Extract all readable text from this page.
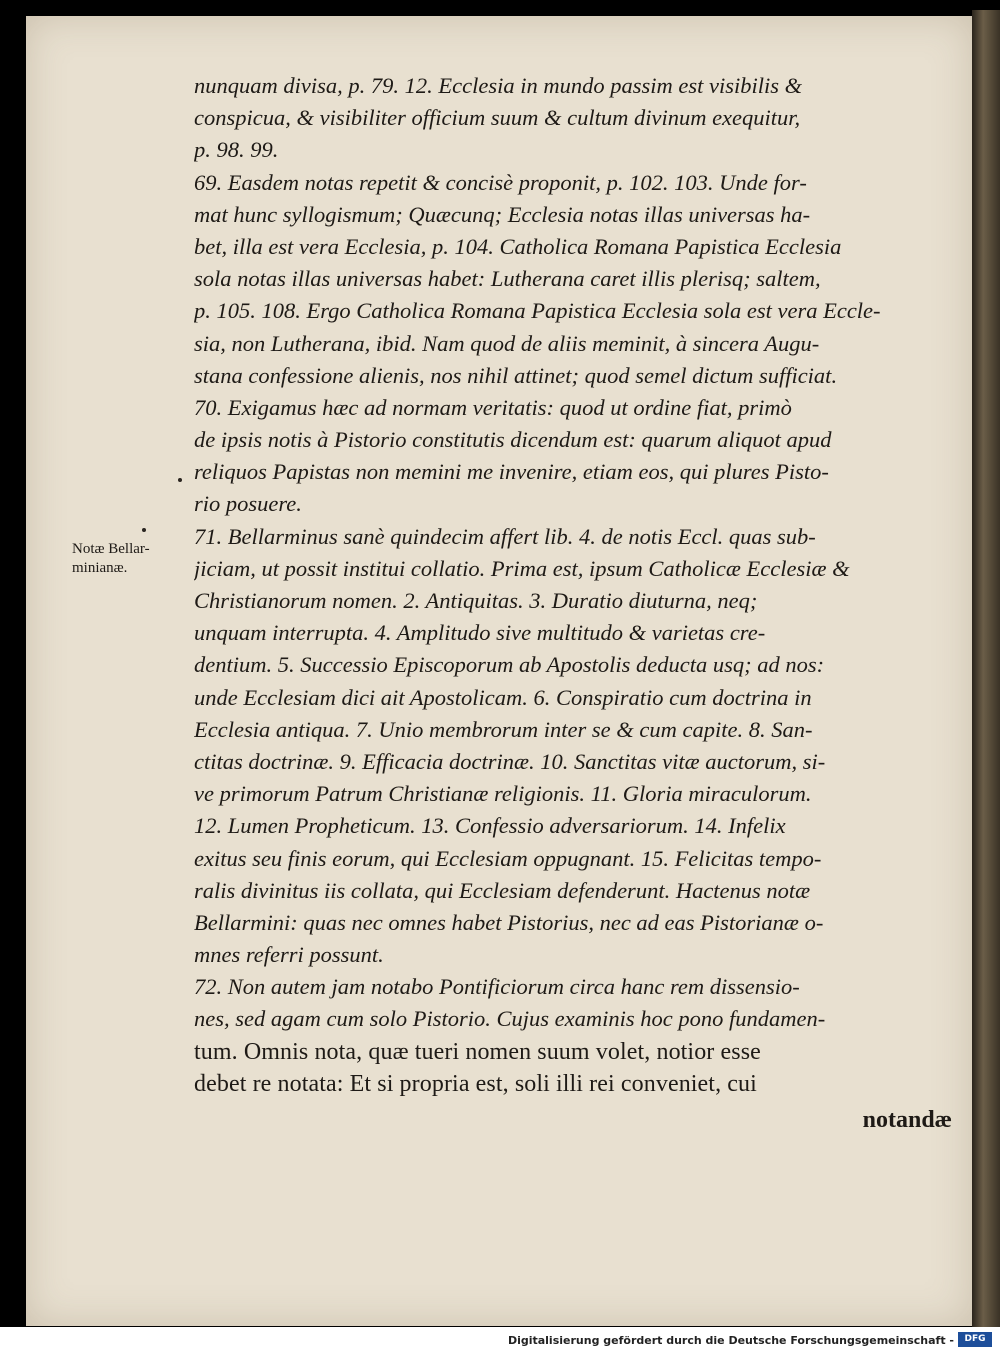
nunquam divisa, p. 79. 12. Ecclesia in mundo passim est visibilis &
conspicua, & visibiliter officium suum & cultum divinum exequitur,
p. 98. 99.
69. Easdem notas repetit & concisè proponit, p. 102. 103. Unde for-
mat hunc syllogismum; Quæcunq; Ecclesia notas illas universas ha-
bet, illa est vera Ecclesia, p. 104. Catholica Romana Papistica Ecclesia
sola notas illas universas habet: Lutherana caret illis plerisq; saltem,
p. 105. 108. Ergo Catholica Romana Papistica Ecclesia sola est vera Eccle-
sia, non Lutherana, ibid. Nam quod de aliis meminit, à sincera Augu-
stana confessione alienis, nos nihil attinet; quod semel dictum sufficiat.
70. Exigamus hæc ad normam veritatis: quod ut ordine fiat, primò
de ipsis notis à Pistorio constitutis dicendum est: quarum aliquot apud
reliquos Papistas non memini me invenire, etiam eos, qui plures Pisto-
rio posuere.
71. Bellarminus sanè quindecim affert lib. 4. de notis Eccl. quas sub-
jiciam, ut possit institui collatio. Prima est, ipsum Catholicæ Ecclesiæ &
Christianorum nomen. 2. Antiquitas. 3. Duratio diuturna, neq;
unquam interrupta. 4. Amplitudo sive multitudo & varietas cre-
dentium. 5. Successio Episcoporum ab Apostolis deducta usq; ad nos:
unde Ecclesiam dici ait Apostolicam. 6. Conspiratio cum doctrina in
Ecclesia antiqua. 7. Unio membrorum inter se & cum capite. 8. San-
ctitas doctrinæ. 9. Efficacia doctrinæ. 10. Sanctitas vitæ auctorum, si-
ve primorum Patrum Christianæ religionis. 11. Gloria miraculorum.
12. Lumen Propheticum. 13. Confessio adversariorum. 14. Infelix
exitus seu finis eorum, qui Ecclesiam oppugnant. 15. Felicitas tempo-
ralis divinitus iis collata, qui Ecclesiam defenderunt. Hactenus notæ
Bellarmini: quas nec omnes habet Pistorius, nec ad eas Pistorianæ o-
mnes referri possunt.
72. Non autem jam notabo Pontificiorum circa hanc rem dissensio-
nes, sed agam cum solo Pistorio. Cujus examinis hoc pono fundamen-
tum. Omnis nota, quæ tueri nomen suum volet, notior esse
debet re notata: Et si propria est, soli illi rei conveniet, cui
notandæ
Notæ Bellar-
minianæ.
Digitalisierung gefördert durch die Deutsche Forschungsgemeinschaft -	DFG
